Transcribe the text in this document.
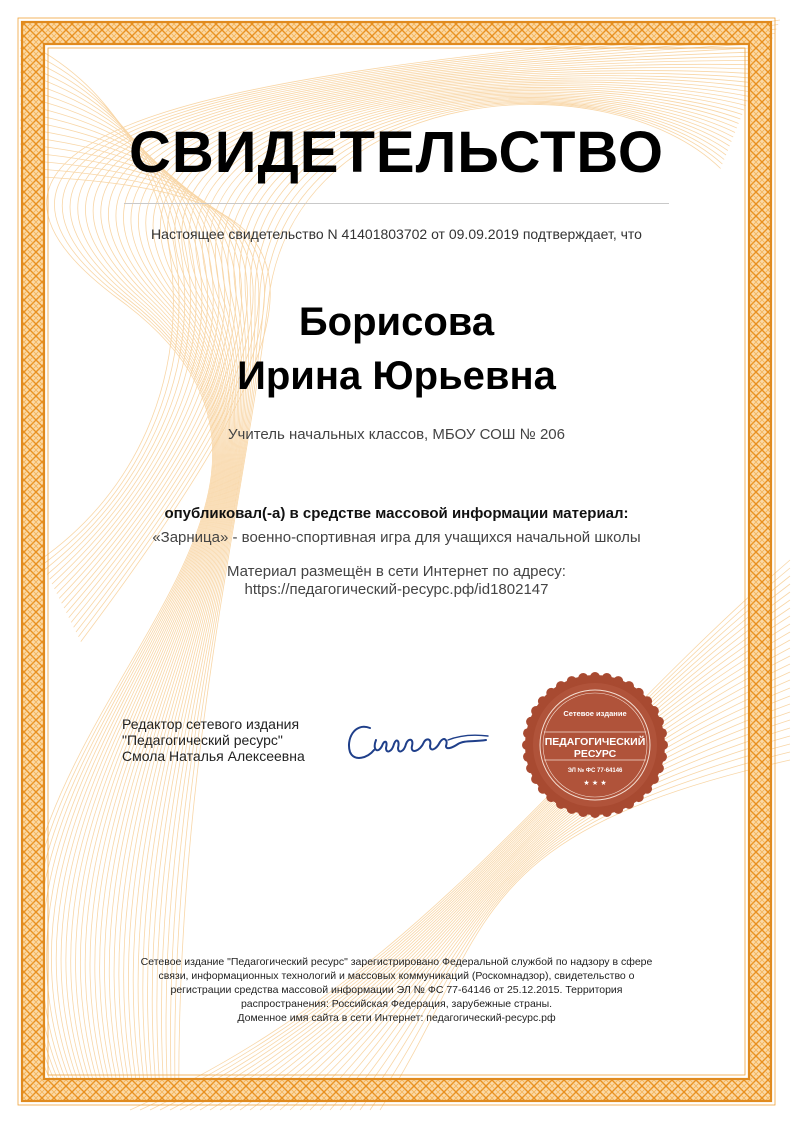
СВИДЕТЕЛЬСТВО
Настоящее свидетельство N 41401803702 от 09.09.2019 подтверждает, что
Борисова
Ирина Юрьевна
Учитель начальных классов, МБОУ СОШ № 206
опубликовал(-а) в средстве массовой информации материал:
«Зарница» - военно-спортивная игра для учащихся начальной школы
Материал размещён в сети Интернет по адресу:
https://педагогический-ресурс.рф/id1802147
Редактор сетевого издания
"Педагогический ресурс"
Смола Наталья Алексеевна
Сетевое издание
ПЕДАГОГИЧЕСКИЙ
РЕСУРС
ЭЛ № ФС 77-64146
★ ★ ★
Сетевое издание "Педагогический ресурс" зарегистрировано Федеральной службой по надзору в сфере
связи, информационных технологий и массовых коммуникаций (Роскомнадзор), свидетельство о
регистрации средства массовой информации ЭЛ № ФС 77-64146 от 25.12.2015. Территория
распространения: Российская Федерация, зарубежные страны.
Доменное имя сайта в сети Интернет: педагогический-ресурс.рф
